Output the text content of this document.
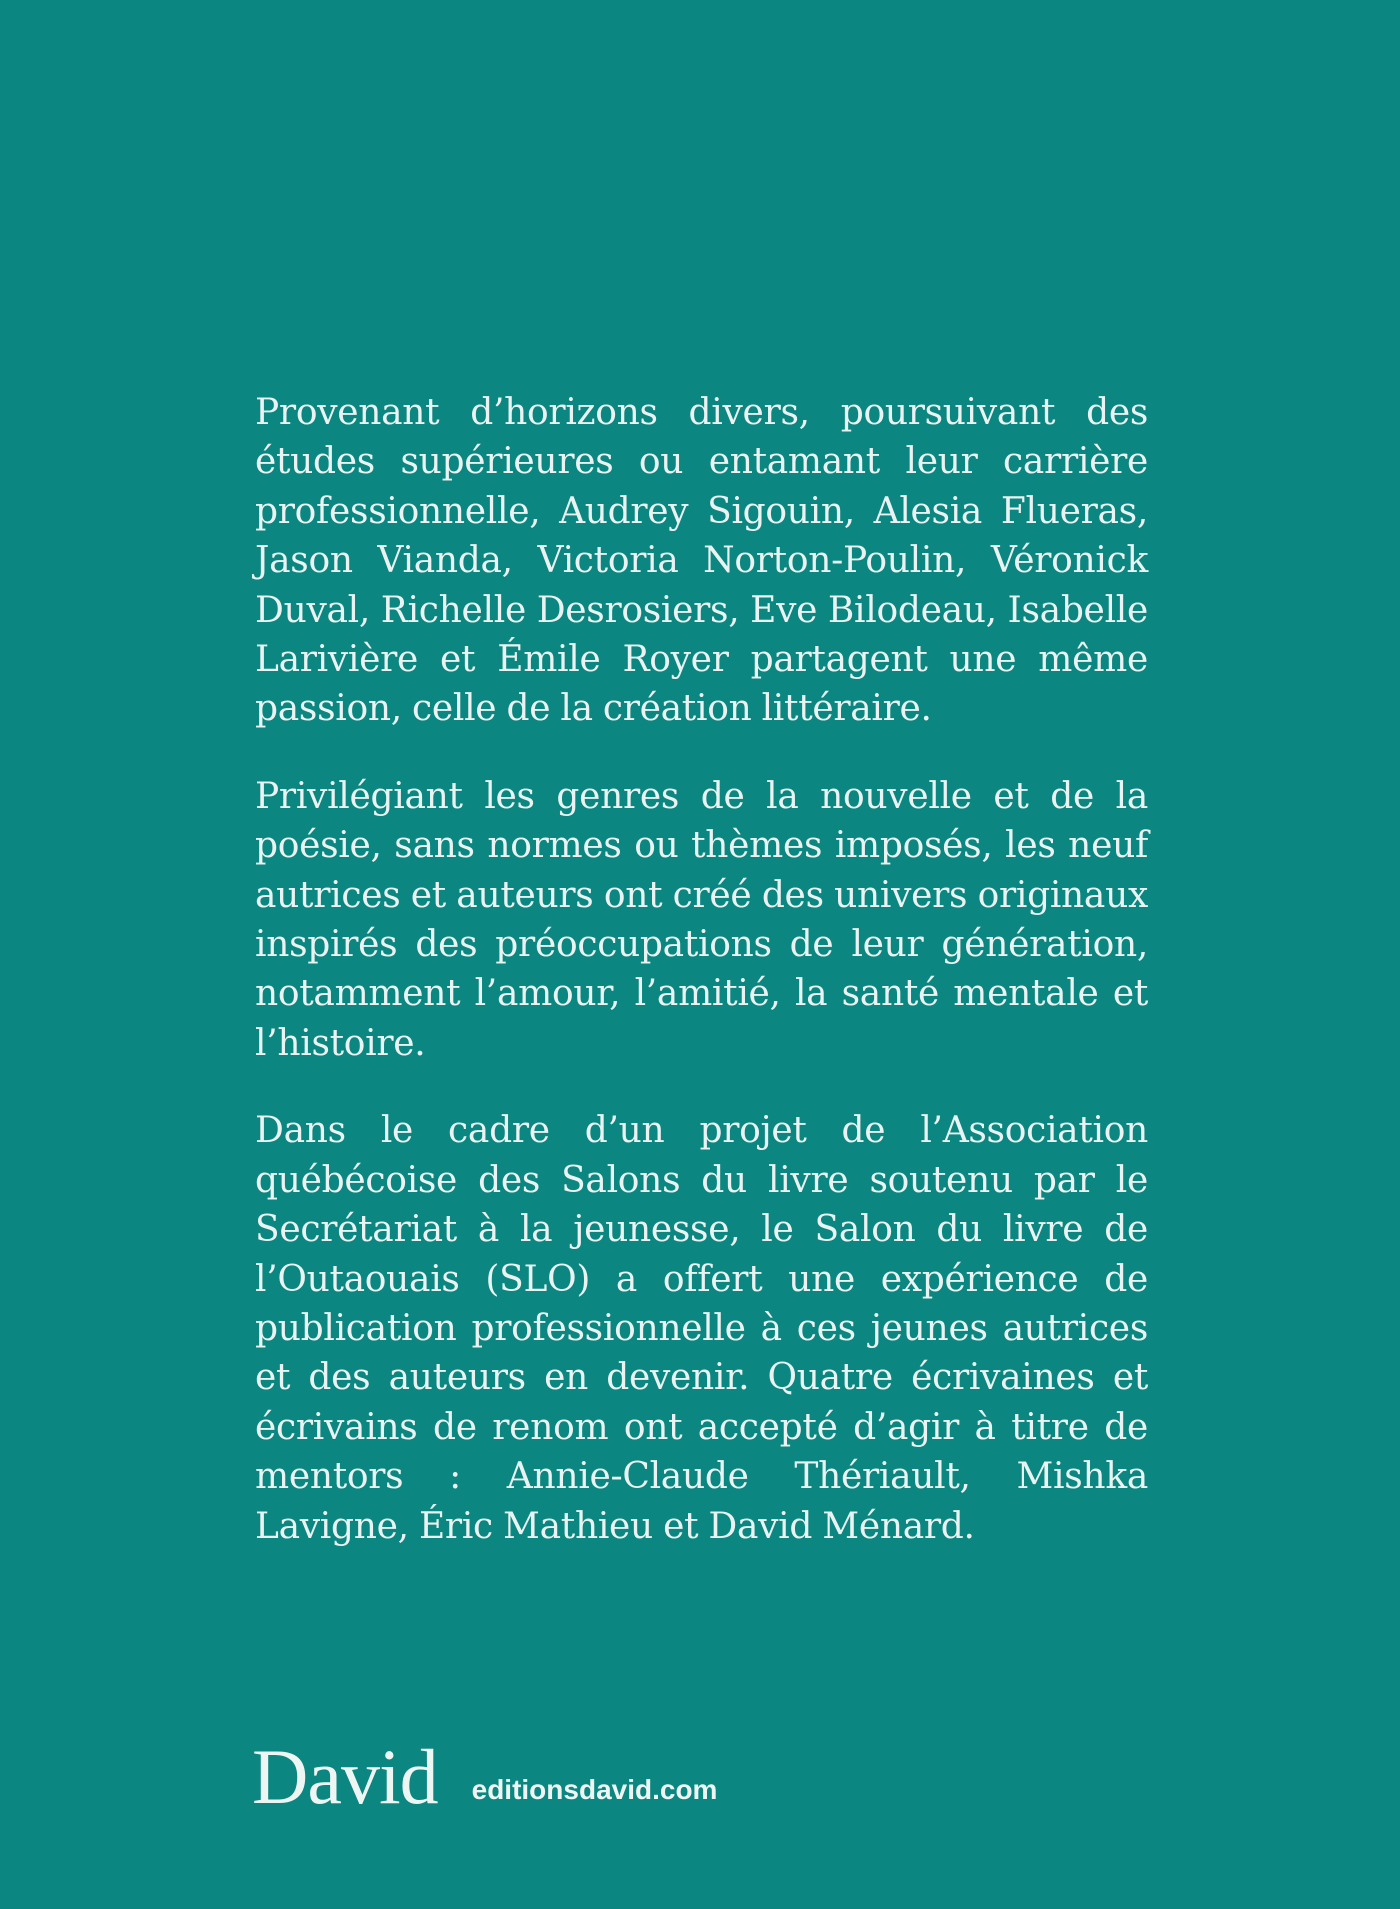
Provenant d’horizons divers, poursuivant des études supérieures ou entamant leur carrière professionnelle, Audrey Sigouin, Alesia Flueras, Jason Vianda, Victoria Norton-Poulin, Véronick Duval, Richelle Desrosiers, Eve Bilodeau, Isabelle Larivière et Émile Royer partagent une même passion, celle de la création littéraire.

Privilégiant les genres de la nouvelle et de la poésie, sans normes ou thèmes imposés, les neuf autrices et auteurs ont créé des univers originaux inspirés des préoccupations de leur génération, notamment l’amour, l’amitié, la santé mentale et l’histoire.

Dans le cadre d’un projet de l’Association québécoise des Salons du livre soutenu par le Secrétariat à la jeunesse, le Salon du livre de l’Outaouais (SLO) a offert une expérience de publication professionnelle à ces jeunes autrices et des auteurs en devenir. Quatre écrivaines et écrivains de renom ont accepté d’agir à titre de mentors : Annie-Claude Thériault, Mishka Lavigne, Éric Mathieu et David Ménard.

David editionsdavid.com
